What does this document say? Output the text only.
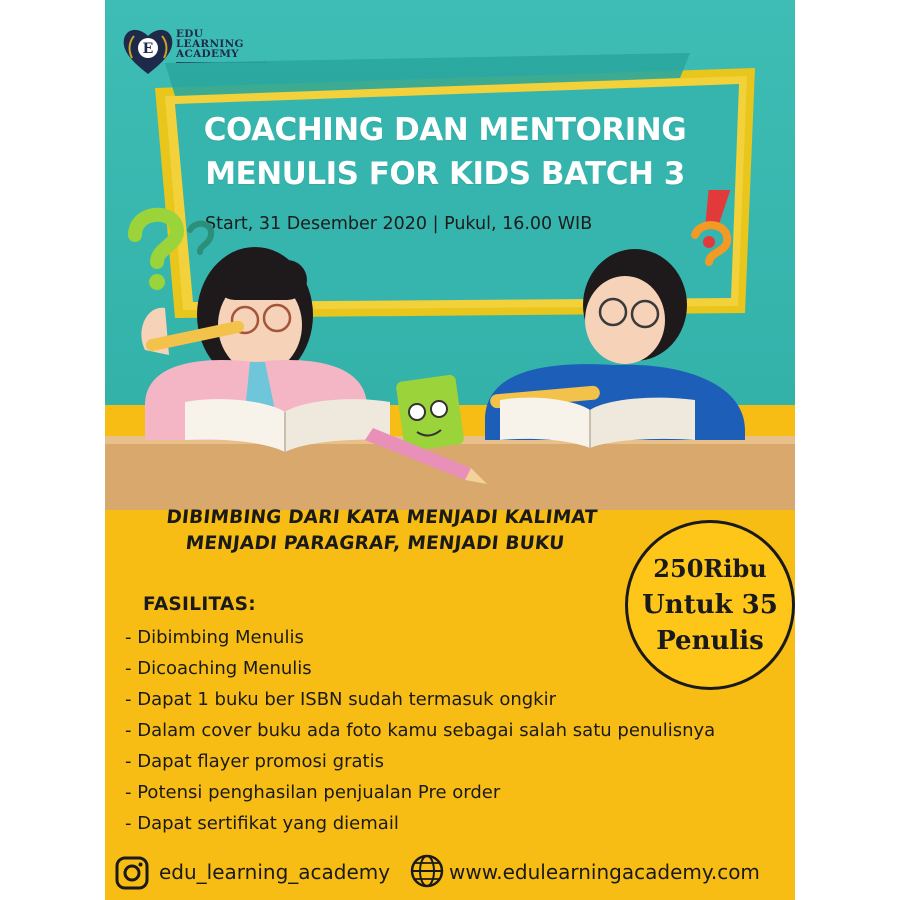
E
EDU
LEARNING
ACADEMY
COACHING DAN MENTORING
MENULIS FOR KIDS BATCH 3
Start, 31 Desember 2020 | Pukul, 16.00 WIB
DIBIMBING DARI KATA MENJADI KALIMAT
MENJADI PARAGRAF, MENJADI BUKU
250Ribu
Untuk 35
Penulis
FASILITAS:
- Dibimbing Menulis
- Dicoaching Menulis
- Dapat 1 buku ber ISBN sudah termasuk ongkir
- Dalam cover buku ada foto kamu sebagai salah satu penulisnya
- Dapat flayer promosi gratis
- Potensi penghasilan penjualan Pre order
- Dapat sertifikat yang diemail
edu_learning_academy	www.edulearningacademy.com
